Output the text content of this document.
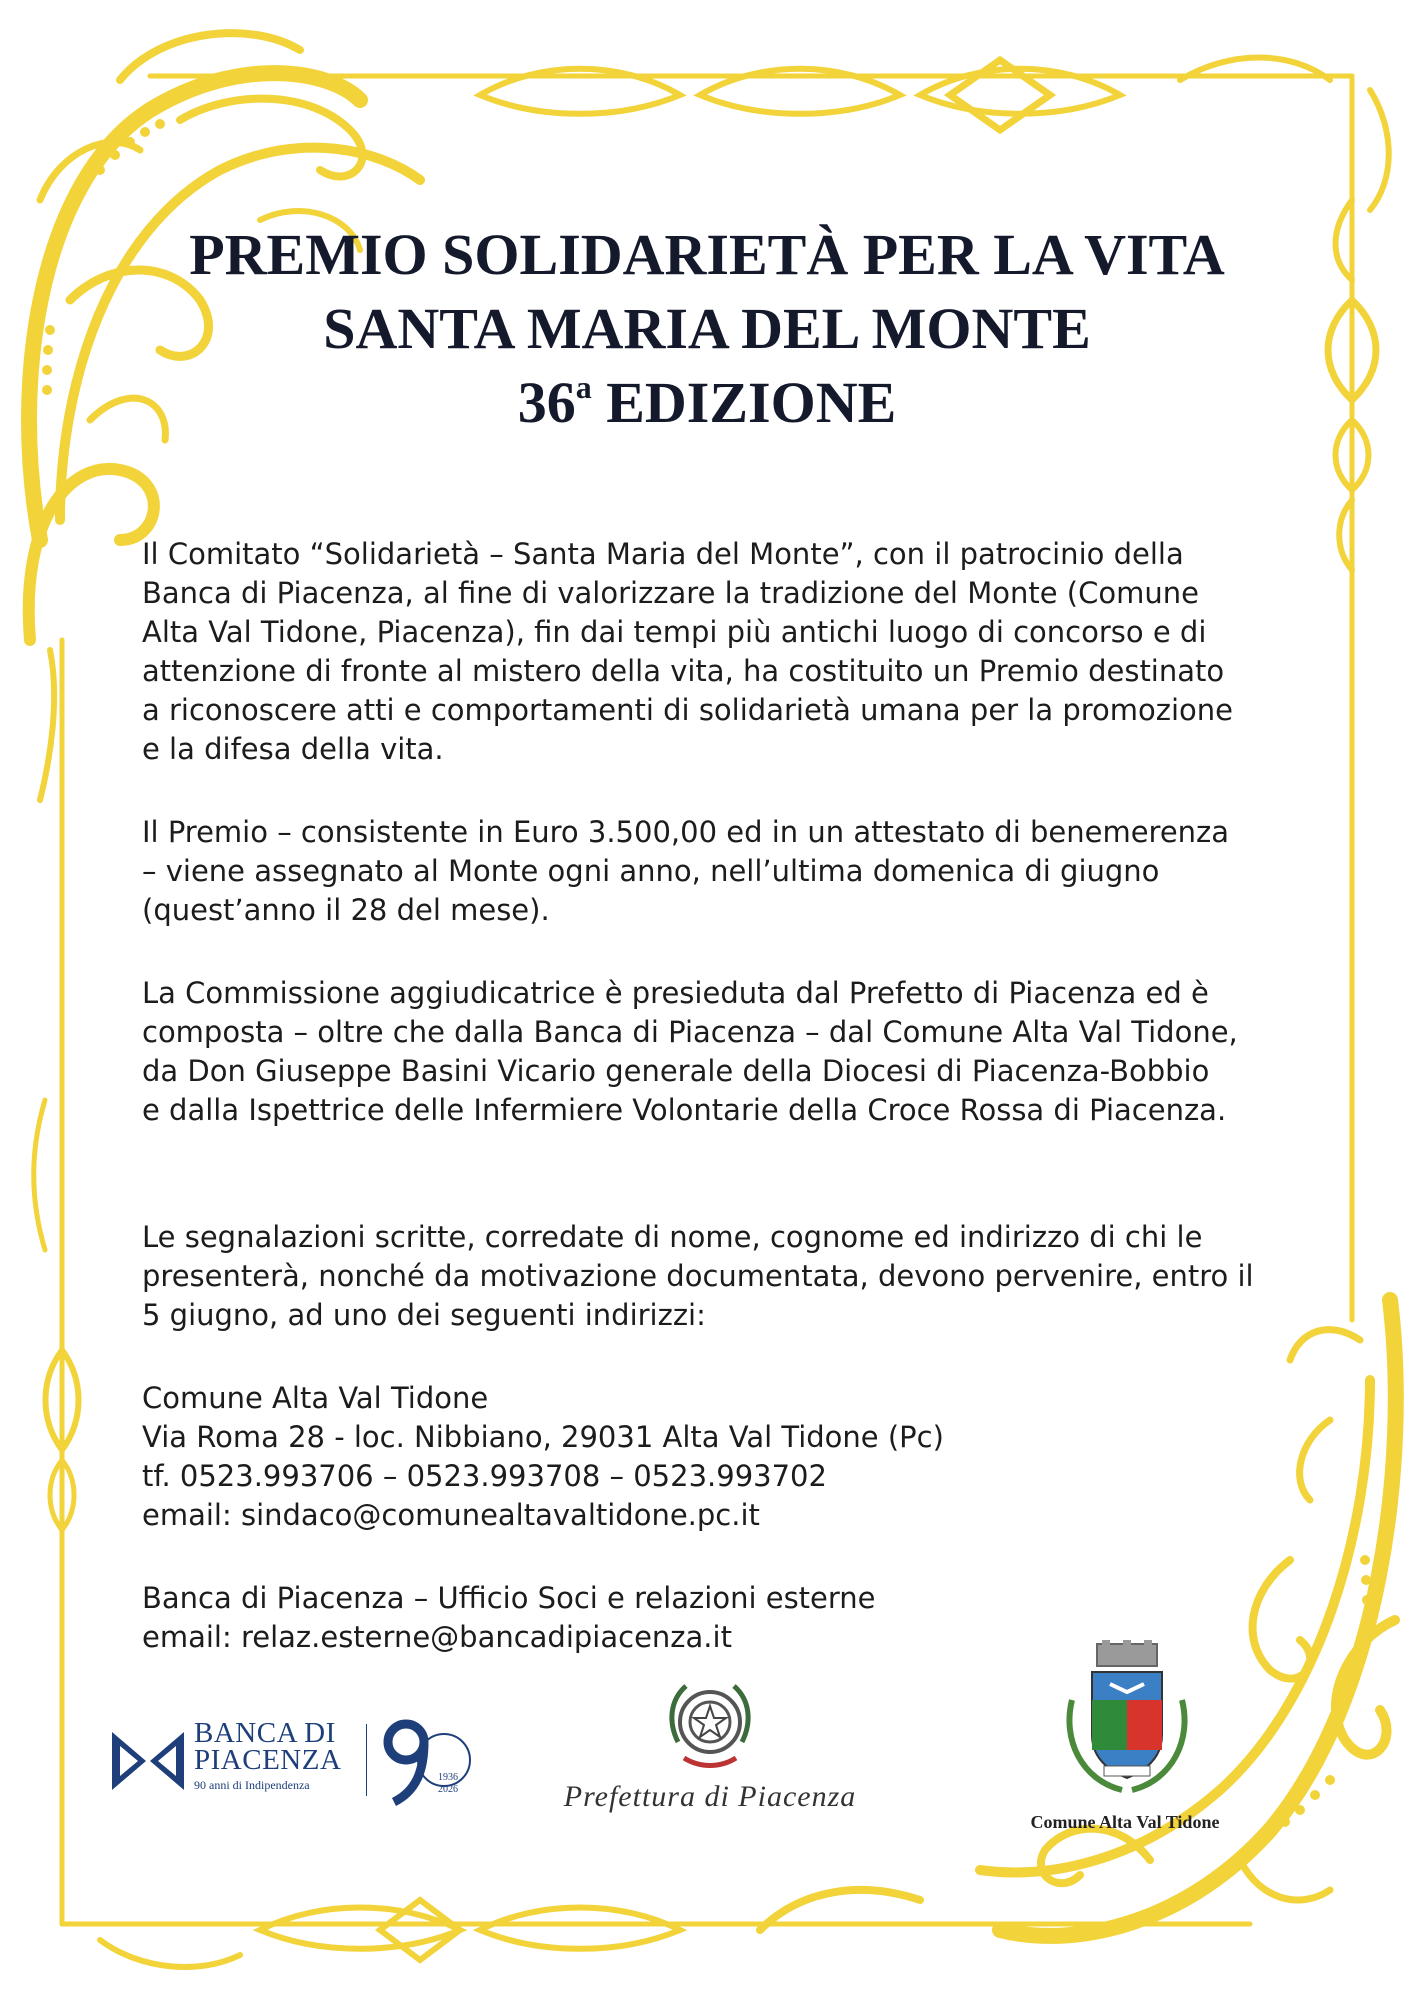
PREMIO SOLIDARIETÀ PER LA VITA
SANTA MARIA DEL MONTE
36$^a$ EDIZIONE

Il Comitato “Solidarietà – Santa Maria del Monte”, con il patrocinio della
Banca di Piacenza, al fine di valorizzare la tradizione del Monte (Comune
Alta Val Tidone, Piacenza), fin dai tempi più antichi luogo di concorso e di
attenzione di fronte al mistero della vita, ha costituito un Premio destinato
a riconoscere atti e comportamenti di solidarietà umana per la promozione
e la difesa della vita.

Il Premio – consistente in Euro 3.500,00 ed in un attestato di benemerenza
– viene assegnato al Monte ogni anno, nell’ultima domenica di giugno
(quest’anno il 28 del mese).

La Commissione aggiudicatrice è presieduta dal Prefetto di Piacenza ed è
composta – oltre che dalla Banca di Piacenza – dal Comune Alta Val Tidone,
da Don Giuseppe Basini Vicario generale della Diocesi di Piacenza-Bobbio
e dalla Ispettrice delle Infermiere Volontarie della Croce Rossa di Piacenza.

Le segnalazioni scritte, corredate di nome, cognome ed indirizzo di chi le
presenterà, nonché da motivazione documentata, devono pervenire, entro il
5 giugno, ad uno dei seguenti indirizzi:

Comune Alta Val Tidone
Via Roma 28 - loc. Nibbiano, 29031 Alta Val Tidone (Pc)
tf. 0523.993706 – 0523.993708 – 0523.993702
email: sindaco@comunealtavaltidone.pc.it

Banca di Piacenza – Ufficio Soci e relazioni esterne
email: relaz.esterne@bancadipiacenza.it

BANCA DI
PIACENZA
90 anni di Indipendenza
1936
2026	Prefettura di Piacenza
Comune Alta Val Tidone
